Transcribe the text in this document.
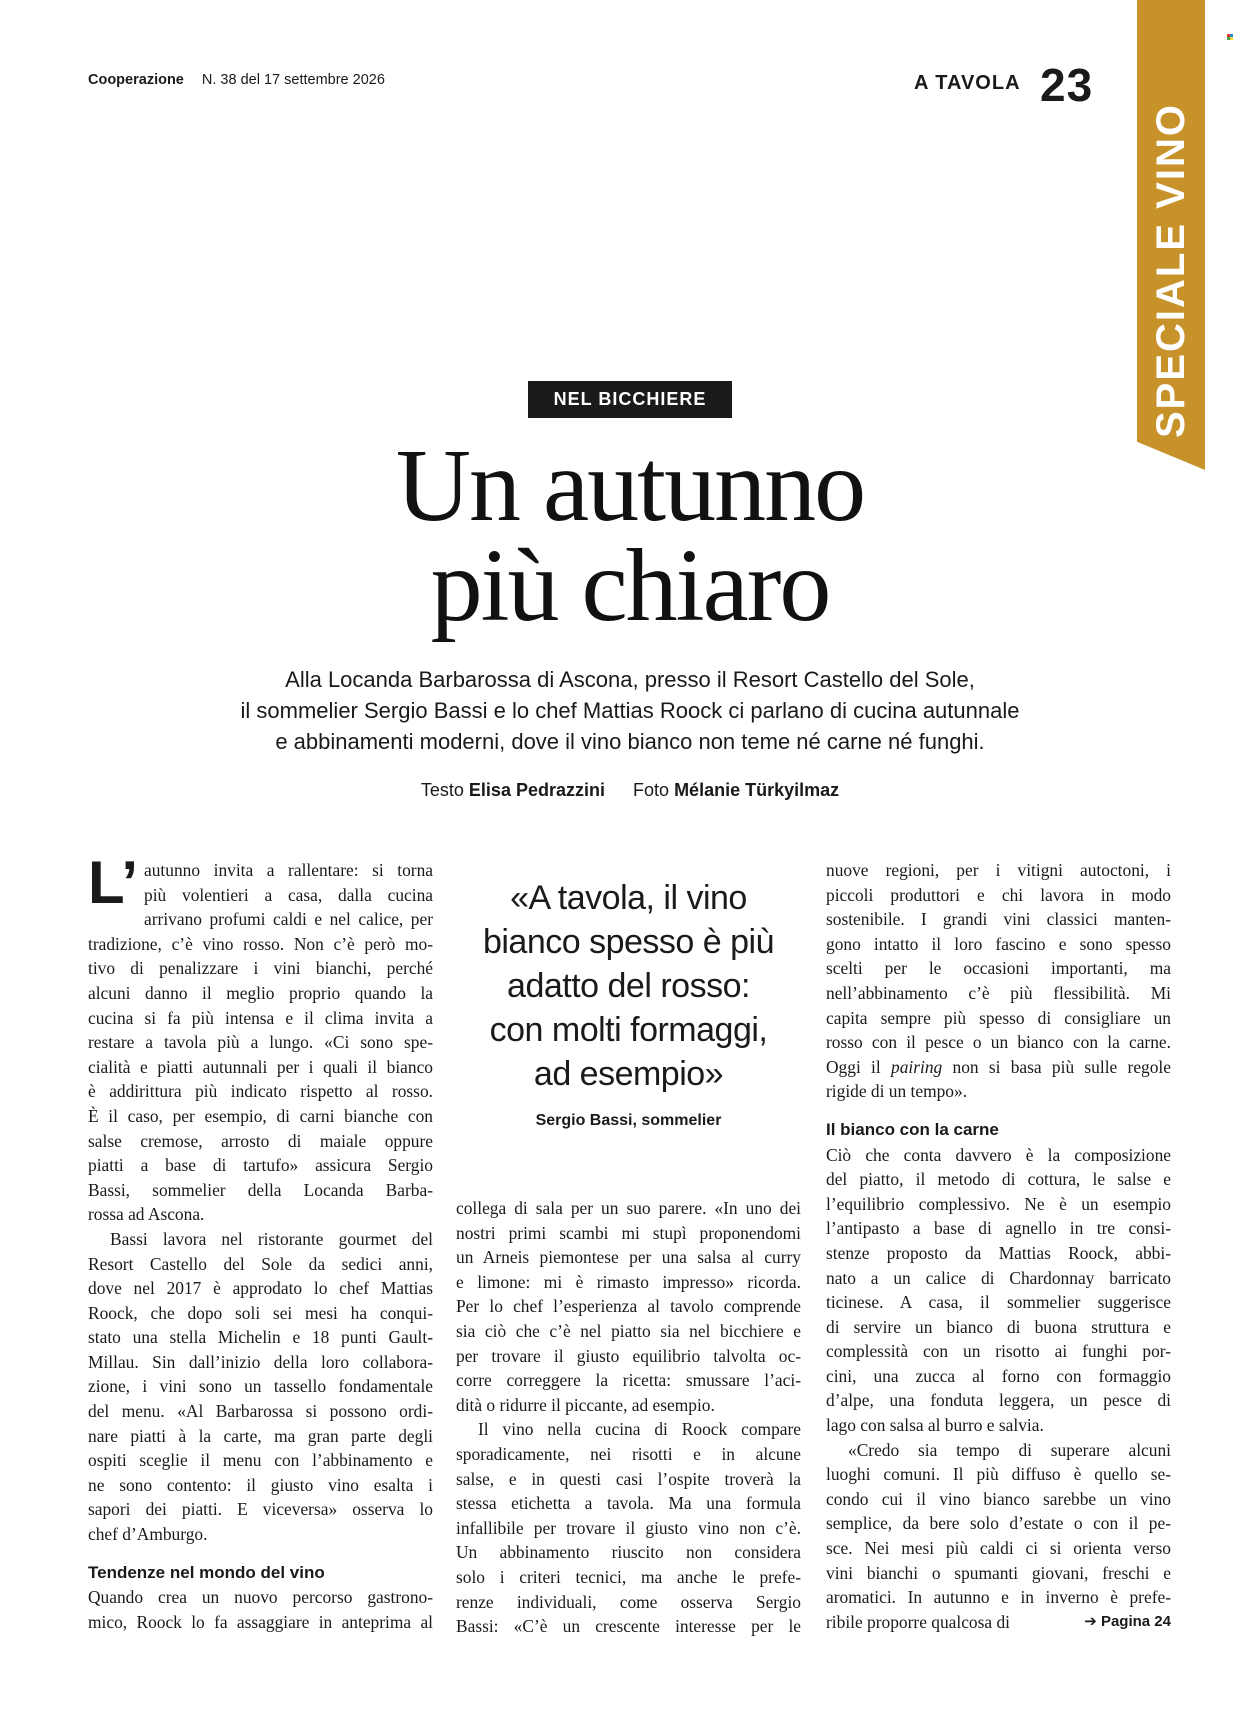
Cooperazione N. 38 del 17 settembre 2026	A TAVOLA 23
SPECIALE VINO
NEL BICCHIERE
Un autunno
più chiaro
Alla Locanda Barbarossa di Ascona, presso il Resort Castello del Sole,
il sommelier Sergio Bassi e lo chef Mattias Roock ci parlano di cucina autunnale
e abbinamenti moderni, dove il vino bianco non teme né carne né funghi.
Testo Elisa Pedrazzini Foto Mélanie Türkyilmaz
L’ autunno invita a rallentare: si torna
più volentieri a casa, dalla cucina
arrivano profumi caldi e nel calice, per
tradizione, c’è vino rosso. Non c’è però mo-
tivo di penalizzare i vini bianchi, perché
alcuni danno il meglio proprio quando la
cucina si fa più intensa e il clima invita a
restare a tavola più a lungo. «Ci sono spe-
cialità e piatti autunnali per i quali il bianco
è addirittura più indicato rispetto al rosso.
È il caso, per esempio, di carni bianche con
salse cremose, arrosto di maiale oppure
piatti a base di tartufo» assicura Sergio
Bassi, sommelier della Locanda Barba-
rossa ad Ascona.
Bassi lavora nel ristorante gourmet del
Resort Castello del Sole da sedici anni,
dove nel 2017 è approdato lo chef Mattias
Roock, che dopo soli sei mesi ha conqui-
stato una stella Michelin e 18 punti Gault-
Millau. Sin dall’inizio della loro collabora-
zione, i vini sono un tassello fondamentale
del menu. «Al Barbarossa si possono ordi-
nare piatti à la carte, ma gran parte degli
ospiti sceglie il menu con l’abbinamento e
ne sono contento: il giusto vino esalta i
sapori dei piatti. E viceversa» osserva lo
chef d’Amburgo.
Tendenze nel mondo del vino
Quando crea un nuovo percorso gastrono-
mico, Roock lo fa assaggiare in anteprima al
«A tavola, il vino
bianco spesso è più
adatto del rosso:
con molti formaggi,
ad esempio»
Sergio Bassi, sommelier
collega di sala per un suo parere. «In uno dei
nostri primi scambi mi stupì proponendomi
un Arneis piemontese per una salsa al curry
e limone: mi è rimasto impresso» ricorda.
Per lo chef l’esperienza al tavolo comprende
sia ciò che c’è nel piatto sia nel bicchiere e
per trovare il giusto equilibrio talvolta oc-
corre correggere la ricetta: smussare l’aci-
dità o ridurre il piccante, ad esempio.
Il vino nella cucina di Roock compare
sporadicamente, nei risotti e in alcune
salse, e in questi casi l’ospite troverà la
stessa etichetta a tavola. Ma una formula
infallibile per trovare il giusto vino non c’è.
Un abbinamento riuscito non considera
solo i criteri tecnici, ma anche le prefe-
renze individuali, come osserva Sergio
Bassi: «C’è un crescente interesse per le
nuove regioni, per i vitigni autoctoni, i
piccoli produttori e chi lavora in modo
sostenibile. I grandi vini classici manten-
gono intatto il loro fascino e sono spesso
scelti per le occasioni importanti, ma
nell’abbinamento c’è più flessibilità. Mi
capita sempre più spesso di consigliare un
rosso con il pesce o un bianco con la carne.
Oggi il pairing non si basa più sulle regole
rigide di un tempo».
Il bianco con la carne
Ciò che conta davvero è la composizione
del piatto, il metodo di cottura, le salse e
l’equilibrio complessivo. Ne è un esempio
l’antipasto a base di agnello in tre consi-
stenze proposto da Mattias Roock, abbi-
nato a un calice di Chardonnay barricato
ticinese. A casa, il sommelier suggerisce
di servire un bianco di buona struttura e
complessità con un risotto ai funghi por-
cini, una zucca al forno con formaggio
d’alpe, una fonduta leggera, un pesce di
lago con salsa al burro e salvia.
«Credo sia tempo di superare alcuni
luoghi comuni. Il più diffuso è quello se-
condo cui il vino bianco sarebbe un vino
semplice, da bere solo d’estate o con il pe-
sce. Nei mesi più caldi ci si orienta verso
vini bianchi o spumanti giovani, freschi e
aromatici. In autunno e in inverno è prefe-
ribile proporre qualcosa di	➔ Pagina 24
